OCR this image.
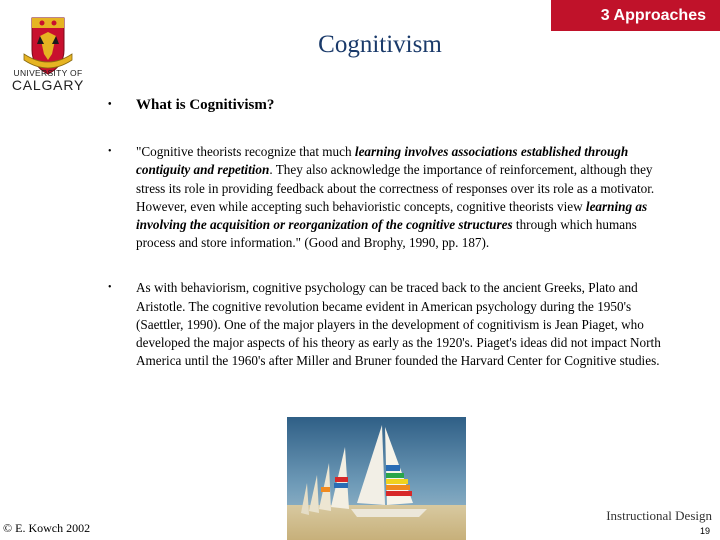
3 Approaches
UNIVERSITY OF
CALGARY
Cognitivism
• What is Cognitivism?
• "Cognitive theorists recognize that much learning involves associations established through contiguity and repetition. They also acknowledge the importance of reinforcement, although they stress its role in providing feedback about the correctness of responses over its role as a motivator. However, even while accepting such behavioristic concepts, cognitive theorists view learning as involving the acquisition or reorganization of the cognitive structures through which humans process and store information." (Good and Brophy, 1990, pp. 187).
• As with behaviorism, cognitive psychology can be traced back to the ancient Greeks, Plato and Aristotle. The cognitive revolution became evident in American psychology during the 1950's (Saettler, 1990). One of the major players in the development of cognitivism is Jean Piaget, who developed the major aspects of his theory as early as the 1920's. Piaget's ideas did not impact North America until the 1960's after Miller and Bruner founded the Harvard Center for Cognitive studies.
© E. Kowch 2002
Instructional Design
19
